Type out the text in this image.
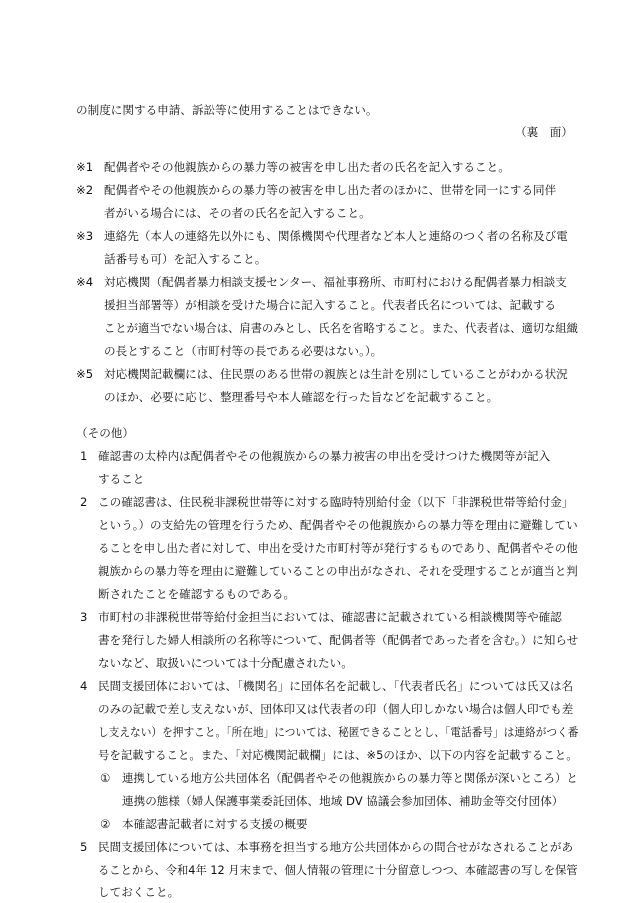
の制度に関する申請、訴訟等に使用することはできない。
（裏　面）
※1 配偶者やその他親族からの暴力等の被害を申し出た者の氏名を記入すること。
※2 配偶者やその他親族からの暴力等の被害を申し出た者のほかに、世帯を同一にする同伴
者がいる場合には、その者の氏名を記入すること。
※3 連絡先（本人の連絡先以外にも、関係機関や代理者など本人と連絡のつく者の名称及び電
話番号も可）を記入すること。
※4 対応機関（配偶者暴力相談支援センター、福祉事務所、市町村における配偶者暴力相談支
援担当部署等）が相談を受けた場合に記入すること。代表者氏名については、記載する
ことが適当でない場合は、肩書のみとし、氏名を省略すること。また、代表者は、適切な組織
の長とすること（市町村等の長である必要はない。）。
※5 対応機関記載欄には、住民票のある世帯の親族とは生計を別にしていることがわかる状況
のほか、必要に応じ、整理番号や本人確認を行った旨などを記載すること。
（その他）
1 確認書の太枠内は配偶者やその他親族からの暴力被害の申出を受けつけた機関等が記入
すること
2 この確認書は、住民税非課税世帯等に対する臨時特別給付金（以下「非課税世帯等給付金」
という。）の支給先の管理を行うため、配偶者やその他親族からの暴力等を理由に避難してい
ることを申し出た者に対して、申出を受けた市町村等が発行するものであり、配偶者やその他
親族からの暴力等を理由に避難していることの申出がなされ、それを受理することが適当と判
断されたことを確認するものである。
3 市町村の非課税世帯等給付金担当においては、確認書に記載されている相談機関等や確認
書を発行した婦人相談所の名称等について、配偶者等（配偶者であった者を含む。）に知らせ
ないなど、取扱いについては十分配慮されたい。
4 民間支援団体においては、「機関名」に団体名を記載し、「代表者氏名」については氏又は名
のみの記載で差し支えないが、団体印又は代表者の印（個人印しかない場合は個人印でも差
し支えない）を押すこと。「所在地」については、秘匿できることとし、「電話番号」は連絡がつく番
号を記載すること。また、「対応機関記載欄」には、※5のほか、以下の内容を記載すること。
① 連携している地方公共団体名（配偶者やその他親族からの暴力等と関係が深いところ）と
連携の態様（婦人保護事業委託団体、地域 DV 協議会参加団体、補助金等交付団体）
② 本確認書記載者に対する支援の概要
5 民間支援団体については、本事務を担当する地方公共団体からの問合せがなされることがあ
ることから、令和4年 12 月末まで、個人情報の管理に十分留意しつつ、本確認書の写しを保管
しておくこと。
